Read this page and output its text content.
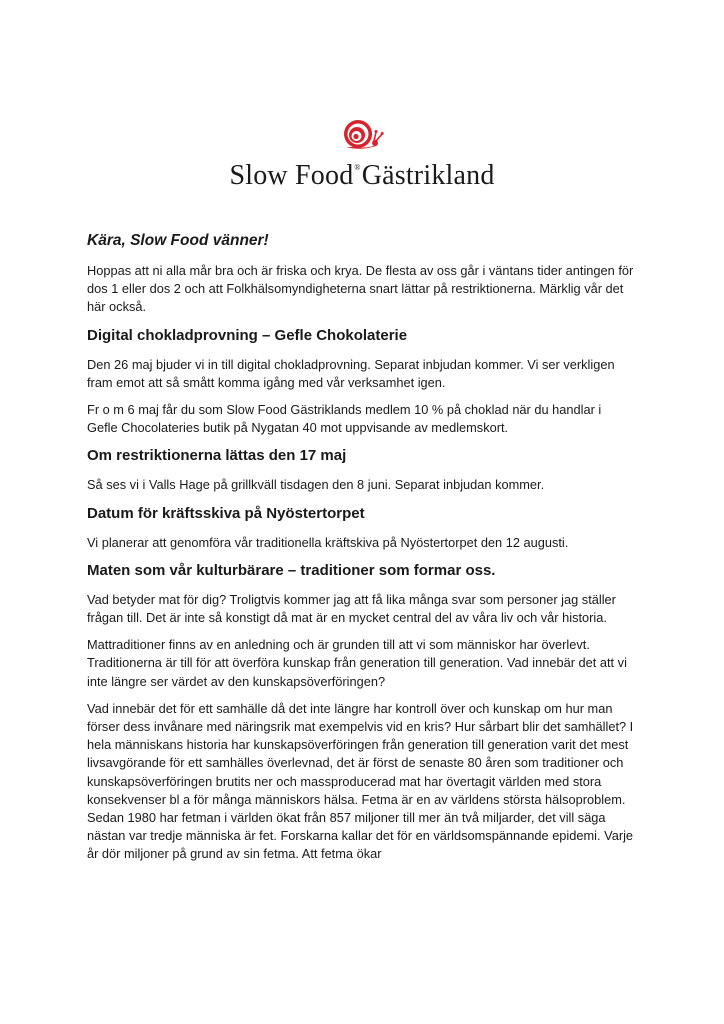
Slow Food®Gästrikland
Kära, Slow Food vänner!

Hoppas att ni alla mår bra och är friska och krya. De flesta av oss går i väntans tider antingen för dos 1 eller dos 2 och att Folkhälsomyndigheterna snart lättar på restriktionerna. Märklig vår det här också.

Digital chokladprovning – Gefle Chokolaterie

Den 26 maj bjuder vi in till digital chokladprovning. Separat inbjudan kommer. Vi ser verkligen fram emot att så smått komma igång med vår verksamhet igen.

Fr o m 6 maj får du som Slow Food Gästriklands medlem 10 % på choklad när du handlar i Gefle Chocolateries butik på Nygatan 40 mot uppvisande av medlemskort.

Om restriktionerna lättas den 17 maj

Så ses vi i Valls Hage på grillkväll tisdagen den 8 juni. Separat inbjudan kommer.

Datum för kräftsskiva på Nyöstertorpet

Vi planerar att genomföra vår traditionella kräftskiva på Nyöstertorpet den 12 augusti.

Maten som vår kulturbärare – traditioner som formar oss.

Vad betyder mat för dig? Troligtvis kommer jag att få lika många svar som personer jag ställer frågan till. Det är inte så konstigt då mat är en mycket central del av våra liv och vår historia.

Mattraditioner finns av en anledning och är grunden till att vi som människor har överlevt. Traditionerna är till för att överföra kunskap från generation till generation. Vad innebär det att vi inte längre ser värdet av den kunskapsöverföringen?

Vad innebär det för ett samhälle då det inte längre har kontroll över och kunskap om hur man förser dess invånare med näringsrik mat exempelvis vid en kris? Hur sårbart blir det samhället? I hela människans historia har kunskapsöverföringen från generation till generation varit det mest livsavgörande för ett samhälles överlevnad, det är först de senaste 80 åren som traditioner och kunskapsöverföringen brutits ner och massproducerad mat har övertagit världen med stora konsekvenser bl a för många människors hälsa. Fetma är en av världens största hälsoproblem. Sedan 1980 har fetman i världen ökat från 857 miljoner till mer än två miljarder, det vill säga nästan var tredje människa är fet. Forskarna kallar det för en världsomspännande epidemi. Varje år dör miljoner på grund av sin fetma. Att fetma ökar
